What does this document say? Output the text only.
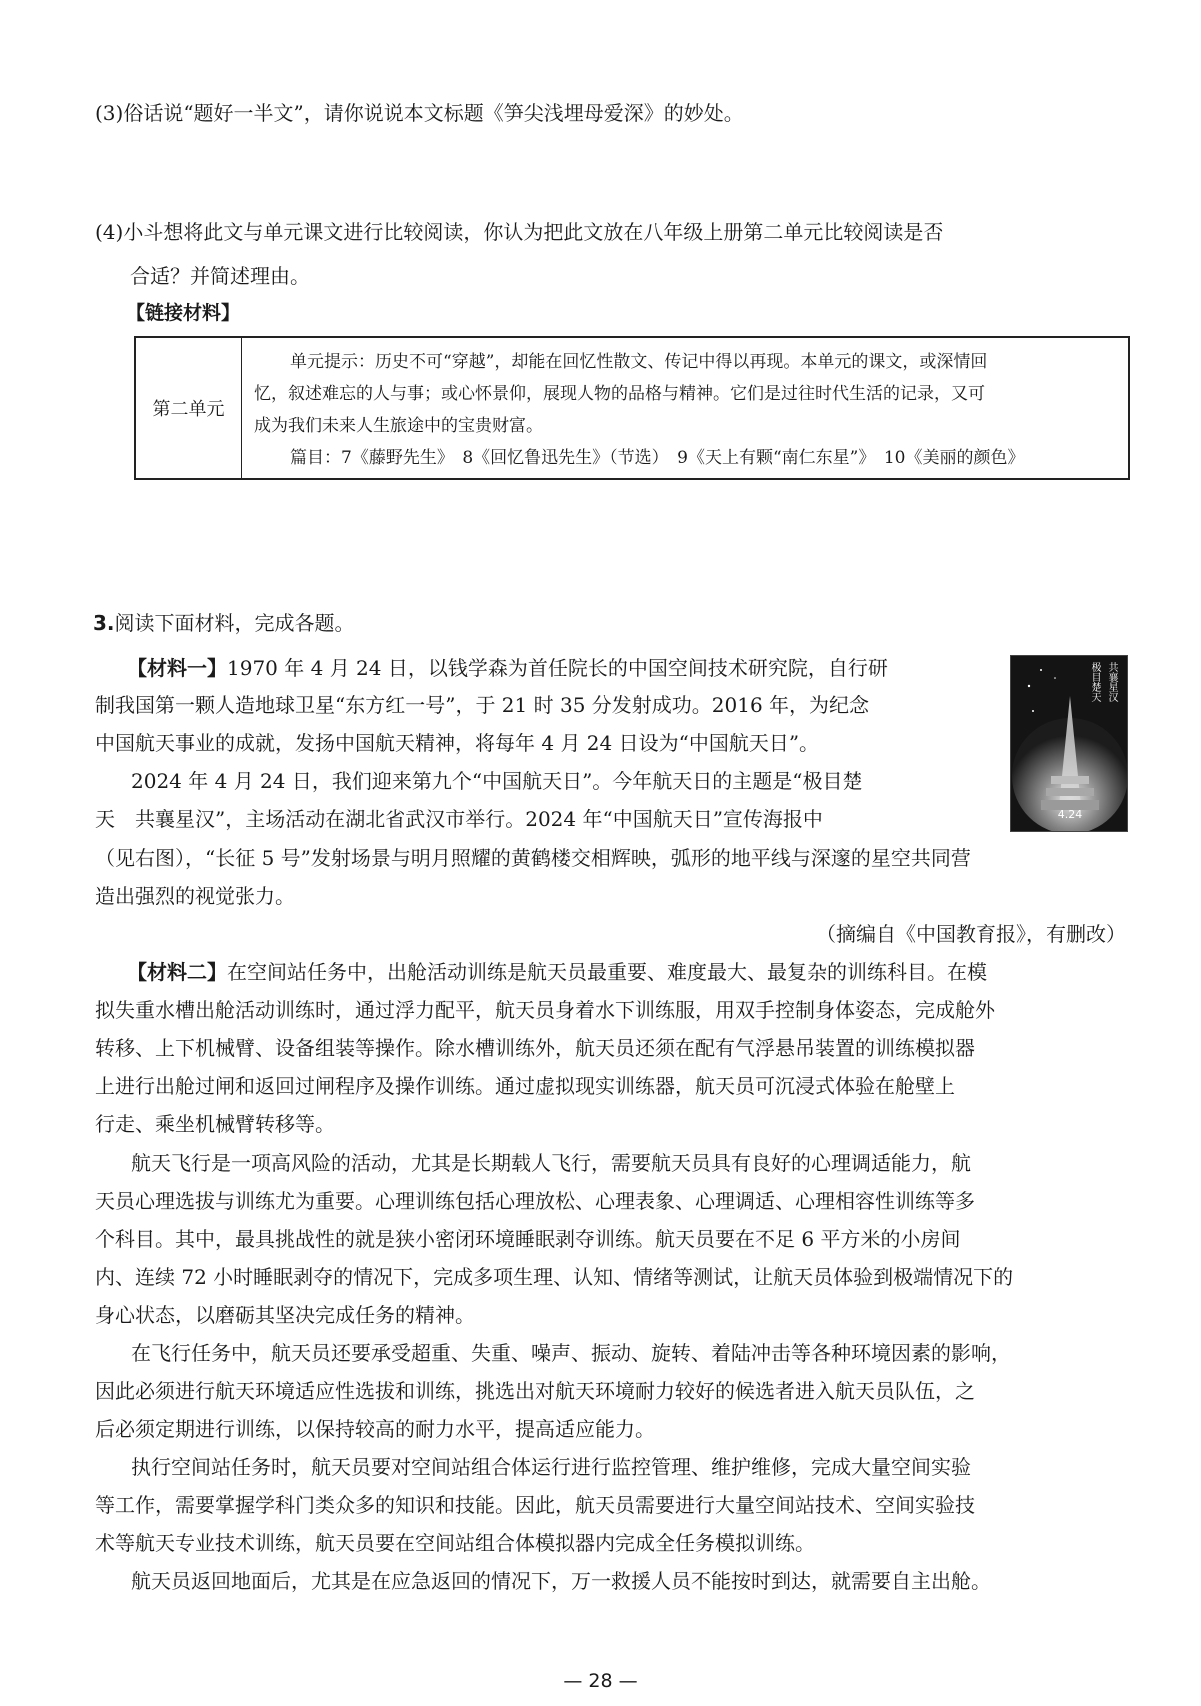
(3)俗话说“题好一半文”，请你说说本文标题《笋尖浅埋母爱深》的妙处。
(4)小斗想将此文与单元课文进行比较阅读，你认为把此文放在八年级上册第二单元比较阅读是否
合适？并简述理由。
【链接材料】
第二单元

单元提示：历史不可“穿越”，却能在回忆性散文、传记中得以再现。本单元的课文，或深情回

忆，叙述难忘的人与事；或心怀景仰，展现人物的品格与精神。它们是过往时代生活的记录，又可

成为我们未来人生旅途中的宝贵财富。

篇目：7《藤野先生》　8《回忆鲁迅先生》（节选）　9《天上有颗“南仁东星”》　10《美丽的颜色》

3.阅读下面材料，完成各题。
【材料一】1970 年 4 月 24 日，以钱学森为首任院长的中国空间技术研究院，自行研
制我国第一颗人造地球卫星“东方红一号”，于 21 时 35 分发射成功。2016 年，为纪念
中国航天事业的成就，发扬中国航天精神，将每年 4 月 24 日设为“中国航天日”。
2024 年 4 月 24 日，我们迎来第九个“中国航天日”。今年航天日的主题是“极目楚
天　共襄星汉”，主场活动在湖北省武汉市举行。2024 年“中国航天日”宣传海报中
（见右图），“长征 5 号”发射场景与明月照耀的黄鹤楼交相辉映，弧形的地平线与深邃的星空共同营
造出强烈的视觉张力。
（摘编自《中国教育报》，有删改）
极目楚天 共襄星汉
4.24
【材料二】在空间站任务中，出舱活动训练是航天员最重要、难度最大、最复杂的训练科目。在模
拟失重水槽出舱活动训练时，通过浮力配平，航天员身着水下训练服，用双手控制身体姿态，完成舱外
转移、上下机械臂、设备组装等操作。除水槽训练外，航天员还须在配有气浮悬吊装置的训练模拟器
上进行出舱过闸和返回过闸程序及操作训练。通过虚拟现实训练器，航天员可沉浸式体验在舱壁上
行走、乘坐机械臂转移等。
航天飞行是一项高风险的活动，尤其是长期载人飞行，需要航天员具有良好的心理调适能力，航
天员心理选拔与训练尤为重要。心理训练包括心理放松、心理表象、心理调适、心理相容性训练等多
个科目。其中，最具挑战性的就是狭小密闭环境睡眠剥夺训练。航天员要在不足 6 平方米的小房间
内、连续 72 小时睡眠剥夺的情况下，完成多项生理、认知、情绪等测试，让航天员体验到极端情况下的
身心状态，以磨砺其坚决完成任务的精神。
在飞行任务中，航天员还要承受超重、失重、噪声、振动、旋转、着陆冲击等各种环境因素的影响，
因此必须进行航天环境适应性选拔和训练，挑选出对航天环境耐力较好的候选者进入航天员队伍，之
后必须定期进行训练，以保持较高的耐力水平，提高适应能力。
执行空间站任务时，航天员要对空间站组合体运行进行监控管理、维护维修，完成大量空间实验
等工作，需要掌握学科门类众多的知识和技能。因此，航天员需要进行大量空间站技术、空间实验技
术等航天专业技术训练，航天员要在空间站组合体模拟器内完成全任务模拟训练。
航天员返回地面后，尤其是在应急返回的情况下，万一救援人员不能按时到达，就需要自主出舱。
— 28 —
